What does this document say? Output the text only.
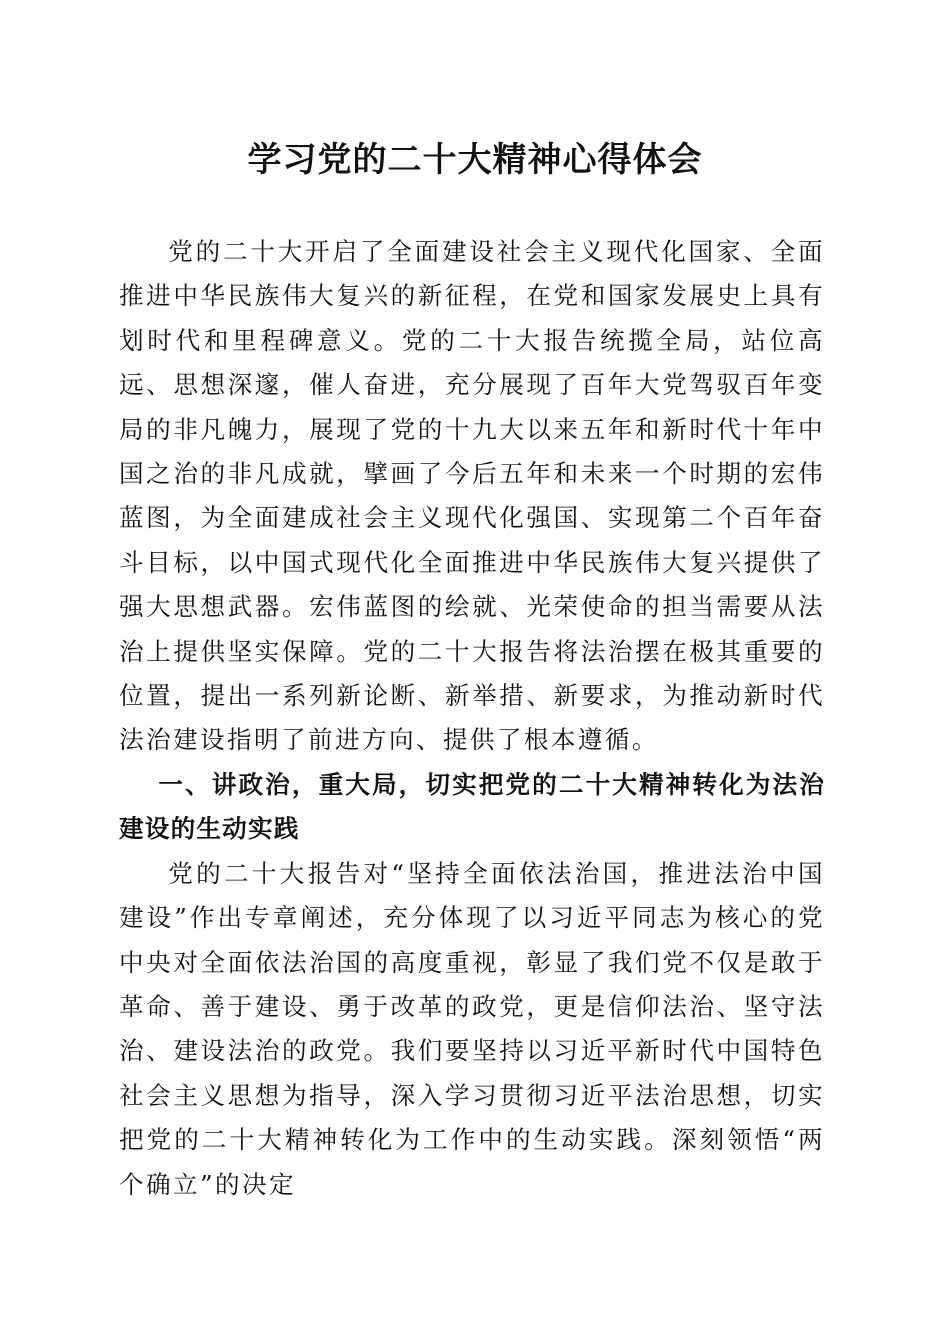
学习党的二十大精神心得体会

党的二十大开启了全面建设社会主义现代化国家、全面推进中华民族伟大复兴的新征程，在党和国家发展史上具有划时代和里程碑意义。党的二十大报告统揽全局，站位高远、思想深邃，催人奋进，充分展现了百年大党驾驭百年变局的非凡魄力，展现了党的十九大以来五年和新时代十年中国之治的非凡成就，擘画了今后五年和未来一个时期的宏伟蓝图，为全面建成社会主义现代化强国、实现第二个百年奋斗目标，以中国式现代化全面推进中华民族伟大复兴提供了强大思想武器。宏伟蓝图的绘就、光荣使命的担当需要从法治上提供坚实保障。党的二十大报告将法治摆在极其重要的位置，提出一系列新论断、新举措、新要求，为推动新时代法治建设指明了前进方向、提供了根本遵循。

一、讲政治，重大局，切实把党的二十大精神转化为法治建设的生动实践

党的二十大报告对“坚持全面依法治国，推进法治中国建设”作出专章阐述，充分体现了以习近平同志为核心的党中央对全面依法治国的高度重视，彰显了我们党不仅是敢于革命、善于建设、勇于改革的政党，更是信仰法治、坚守法治、建设法治的政党。我们要坚持以习近平新时代中国特色社会主义思想为指导，深入学习贯彻习近平法治思想，切实把党的二十大精神转化为工作中的生动实践。深刻领悟“两个确立”的决定
